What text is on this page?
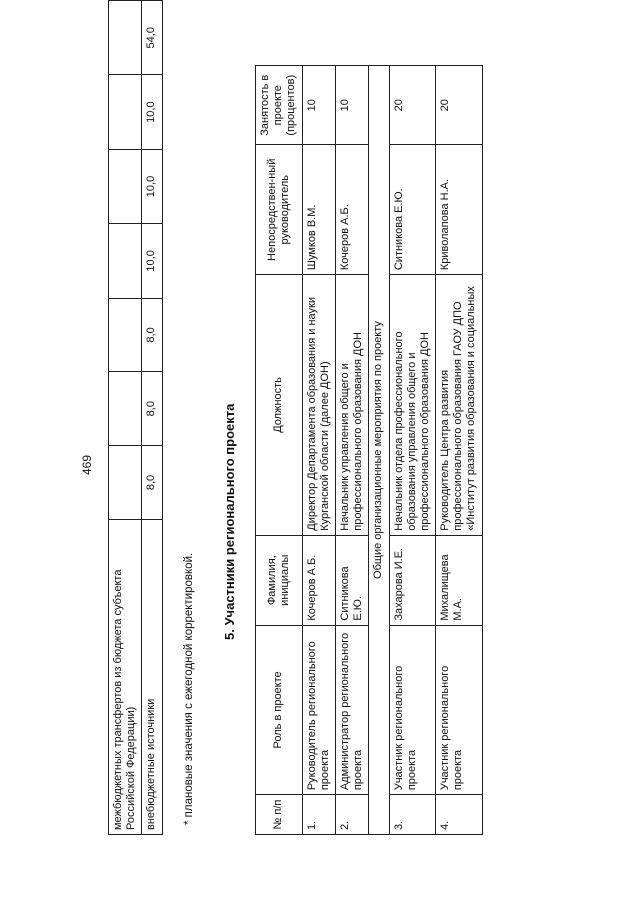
469
межбюджетных трансфертов из бюджета субъекта Российской Федерации)							
внебюджетные источники	8,0	8,0	8,0	10,0	10,0	10,0	54,0
* плановые значения с ежегодной корректировкой.
5. Участники регионального проекта
№ п/п	Роль в проекте	Фамилия, инициалы	Должность	Непосредствен-ный руководитель	Занятость в проекте (процентов)
1.	Руководитель регионального проекта	Кочеров А.Б.	Директор Департамента образования и науки Курганской области (далее ДОН)	Шумков В.М.	10
2.	Администратор регионального проекта	Ситникова Е.Ю.	Начальник управления общего и профессионального образования ДОН	Кочеров А.Б.	10
Общие организационные мероприятия по проекту					
3.	Участник регионального проекта	Захарова И.Е.	Начальник отдела профессионального образования управления общего и профессионального образования ДОН	Ситникова Е.Ю.	20
4.	Участник регионального проекта	Михалищева М.А.	Руководитель Центра развития профессионального образования ГАОУ ДПО «Институт развития образования и социальных	Криволапова Н.А.	20
